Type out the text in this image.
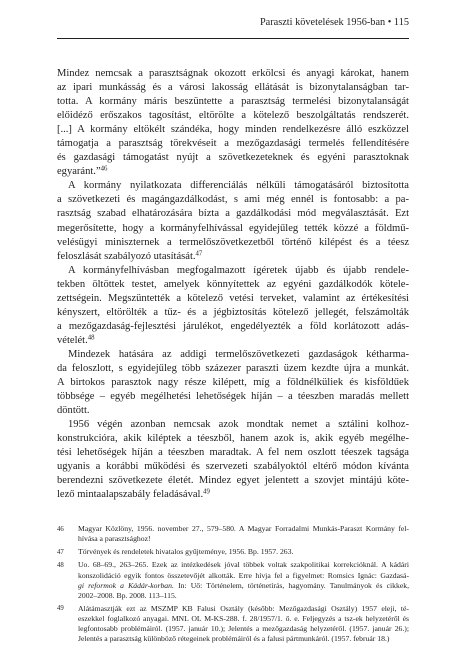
Paraszti követelések 1956-ban • 115

Mindez nemcsak a parasztságnak okozott erkölcsi és anyagi károkat, hanem
az ipari munkásság és a városi lakosság ellátását is bizonytalanságban tar-
totta. A kormány máris beszüntette a parasztság termelési bizonytalanságát
előidéző erőszakos tagosítást, eltörölte a kötelező beszolgáltatás rendszerét.
[...] A kormány eltökélt szándéka, hogy minden rendelkezésre álló eszközzel
támogatja a parasztság törekvéseit a mezőgazdasági termelés fellendítésére
és gazdasági támogatást nyújt a szövetkezeteknek és egyéni parasztoknak
egyaránt.”$^{46}$

A kormány nyilatkozata differenciálás nélküli támogatásáról biztosította
a szövetkezeti és magángazdálkodást, s ami még ennél is fontosabb: a pa-
rasztság szabad elhatározására bízta a gazdálkodási mód megválasztását. Ezt
megerősítette, hogy a kormányfelhívással egyidejűleg tették közzé a földmű-
velésügyi miniszternek a termelőszövetkezetből történő kilépést és a téesz
feloszlását szabályozó utasítását.$^{47}$

A kormányfelhívásban megfogalmazott ígéretek újabb és újabb rendele-
tekben öltöttek testet, amelyek könnyítettek az egyéni gazdálkodók kötele-
zettségein. Megszüntették a kötelező vetési terveket, valamint az értékesítési
kényszert, eltörölték a tűz- és a jégbiztosítás kötelező jellegét, felszámolták
a mezőgazdaság-fejlesztési járulékot, engedélyezték a föld korlátozott adás-
vételét.$^{48}$

Mindezek hatására az addigi termelőszövetkezeti gazdaságok kétharma-
da feloszlott, s egyidejűleg több százezer paraszti üzem kezdte újra a munkát.
A birtokos parasztok nagy része kilépett, míg a földnélküliek és kisföldűek
többsége – egyéb megélhetési lehetőségek híján – a téeszben maradás mellett
döntött.

1956 végén azonban nemcsak azok mondtak nemet a sztálini kolhoz-
konstrukcióra, akik kiléptek a téeszből, hanem azok is, akik egyéb megélhe-
tési lehetőségek híján a téeszben maradtak. A fel nem oszlott téeszek tagsága
ugyanis a korábbi működési és szervezeti szabályoktól eltérő módon kívánta
berendezni szövetkezete életét. Mindez egyet jelentett a szovjet mintájú köte-
lező mintaalapszabály feladásával.$^{49}$

46	Magyar Közlöny, 1956. november 27., 579–580. A Magyar Forradalmi Munkás-Paraszt Kormány fel-
hívása a parasztsághoz!
47	Törvények és rendeletek hivatalos gyűjteménye, 1956. Bp. 1957. 263.
48	Uo. 68–69., 263–265. Ezek az intézkedések jóval többek voltak szakpolitikai korrekcióknál. A kádári
konszolidáció egyik fontos összetevőjét alkották. Erre hívja fel a figyelmet: Romsics Ignác: Gazdasá-
gi reformok a Kádár-korban. In: Uő: Történelem, történetírás, hagyomány. Tanulmányok és cikkek,
2002–2008. Bp. 2008. 113–115.
49	Alátámasztják ezt az MSZMP KB Falusi Osztály (később: Mezőgazdasági Osztály) 1957 eleji, té-
eszekkel foglalkozó anyagai. MNL OL M-KS-288. f. 28/1957/1. ő. e. Feljegyzés a tsz-ek helyzetéről és
legfontosabb problémáiról. (1957. január 10.); Jelentés a mezőgazdaság helyzetéről. (1957. január 26.);
Jelentés a parasztság különböző rétegeinek problémáiról és a falusi pártmunkáról. (1957. február 18.)
